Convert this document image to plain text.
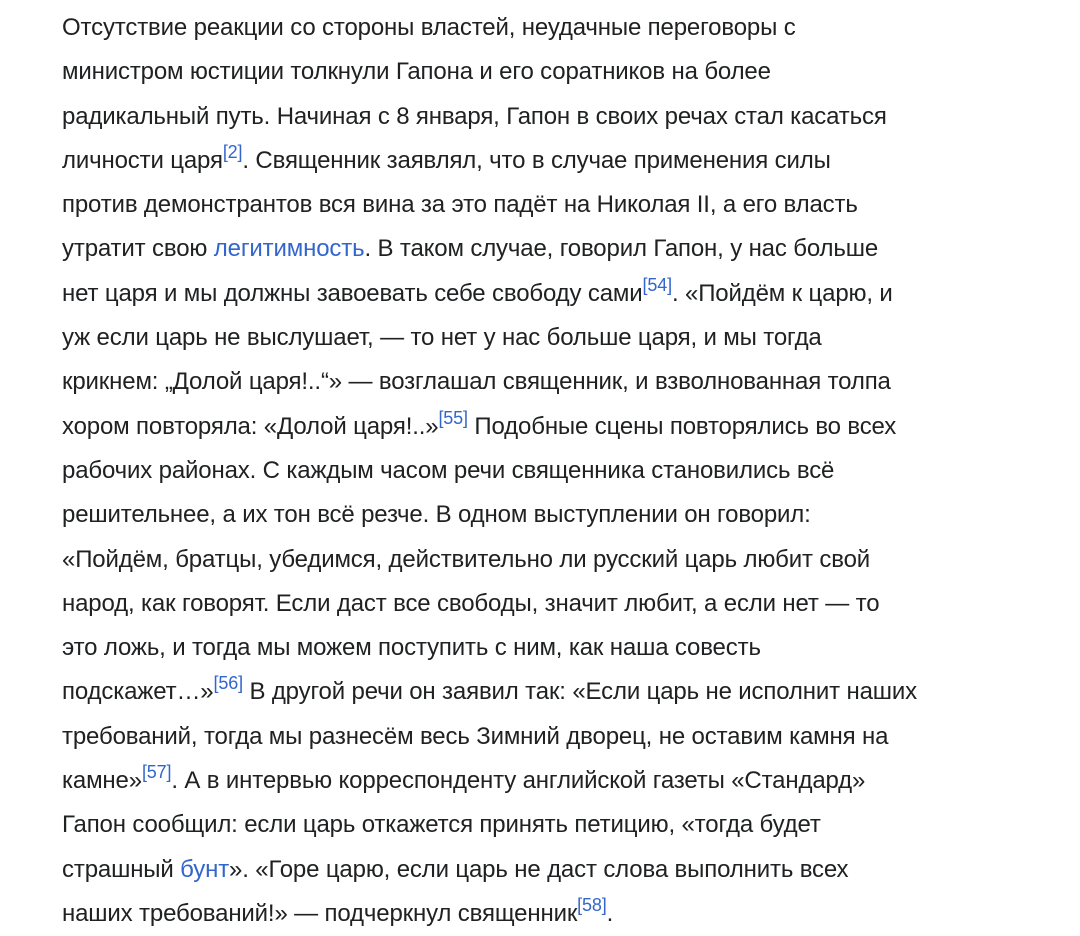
Отсутствие реакции со стороны властей, неудачные переговоры с
министром юстиции толкнули Гапона и его соратников на более
радикальный путь. Начиная с 8 января, Гапон в своих речах стал касаться
личности царя[2]. Священник заявлял, что в случае применения силы
против демонстрантов вся вина за это падёт на Николая II, а его власть
утратит свою легитимность. В таком случае, говорил Гапон, у нас больше
нет царя и мы должны завоевать себе свободу сами[54]. «Пойдём к царю, и
уж если царь не выслушает, — то нет у нас больше царя, и мы тогда
крикнем: „Долой царя!..“» — возглашал священник, и взволнованная толпа
хором повторяла: «Долой царя!..»[55] Подобные сцены повторялись во всех
рабочих районах. С каждым часом речи священника становились всё
решительнее, а их тон всё резче. В одном выступлении он говорил:
«Пойдём, братцы, убедимся, действительно ли русский царь любит свой
народ, как говорят. Если даст все свободы, значит любит, а если нет — то
это ложь, и тогда мы можем поступить с ним, как наша совесть
подскажет…»[56] В другой речи он заявил так: «Если царь не исполнит наших
требований, тогда мы разнесём весь Зимний дворец, не оставим камня на
камне»[57]. А в интервью корреспонденту английской газеты «Стандард»
Гапон сообщил: если царь откажется принять петицию, «тогда будет
страшный бунт». «Горе царю, если царь не даст слова выполнить всех
наших требований!» — подчеркнул священник[58].
